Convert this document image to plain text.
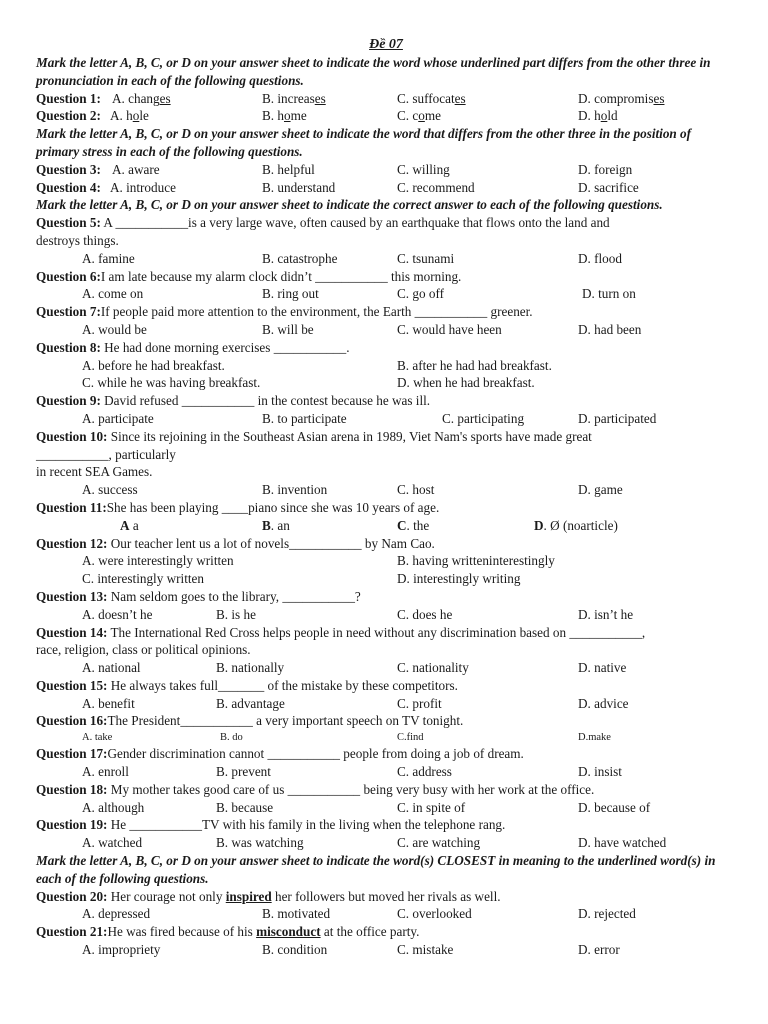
Đề 07
Mark the letter A, B, C, or D on your answer sheet to indicate the word whose underlined part differs from the other three in pronunciation in each of the following questions.
Question 1: A. changes	B. increases	C. suffocates	D. compromises
Question 2: A. hole	B. home	C. come	D. hold
Mark the letter A, B, C, or D on your answer sheet to indicate the word that differs from the other three in the position of primary stress in each of the following questions.
Question 3: A. aware	B. helpful	C. willing	D. foreign
Question 4: A. introduce	B. understand	C. recommend	D. sacrifice
Mark the letter A, B, C, or D on your answer sheet to indicate the correct answer to each of the following questions.
Question 5: A ___________is a very large wave, often caused by an earthquake that flows onto the land and
destroys things.
A. famine	B. catastrophe	C. tsunami	D. flood
Question 6:I am late because my alarm clock didn’t ___________ this morning.
A. come on	B. ring out	C. go off	D. turn on
Question 7:If people paid more attention to the environment, the Earth ___________ greener.
A. would be	B. will be	C. would have heen	D. had been
Question 8: He had done morning exercises ___________.
A. before he had breakfast.	B. after he had had breakfast.
C. while he was having breakfast.	D. when he had breakfast.
Question 9: David refused ___________ in the contest because he was ill.
A. participate	B. to participate	C. participating	D. participated
Question 10: Since its rejoining in the Southeast Asian arena in 1989, Viet Nam's sports have made great
___________, particularly
in recent SEA Games.
A. success	B. invention	C. host	D. game
Question 11:She has been playing ____piano since she was 10 years of age.
A a	B. an	C. the	D. Ø (noarticle)
Question 12: Our teacher lent us a lot of novels___________ by Nam Cao.
A. were interestingly written	B. having writteninterestingly
C. interestingly written	D. interestingly writing
Question 13: Nam seldom goes to the library, ___________?
A. doesn’t he	B. is he	C. does he	D. isn’t he
Question 14: The International Red Cross helps people in need without any discrimination based on ___________,
race, religion, class or political opinions.
A. national	B. nationally	C. nationality	D. native
Question 15: He always takes full_______ of the mistake by these competitors.
A. benefit	B. advantage	C. profit	D. advice
Question 16:The President___________ a very important speech on TV tonight.
A. take	B. do	C.find	D.make
Question 17:Gender discrimination cannot ___________ people from doing a job of dream.
A. enroll	B. prevent	C. address	D. insist
Question 18: My mother takes good care of us ___________ being very busy with her work at the office.
A. although	B. because	C. in spite of	D. because of
Question 19: He ___________TV with his family in the living when the telephone rang.
A. watched	B. was watching	C. are watching	D. have watched
Mark the letter A, B, C, or D on your answer sheet to indicate the word(s) CLOSEST in meaning to the underlined word(s) in each of the following questions.
Question 20: Her courage not only inspired her followers but moved her rivals as well.
A. depressed	B. motivated	C. overlooked	D. rejected
Question 21:He was fired because of his misconduct at the office party.
A. impropriety	B. condition	C. mistake	D. error
